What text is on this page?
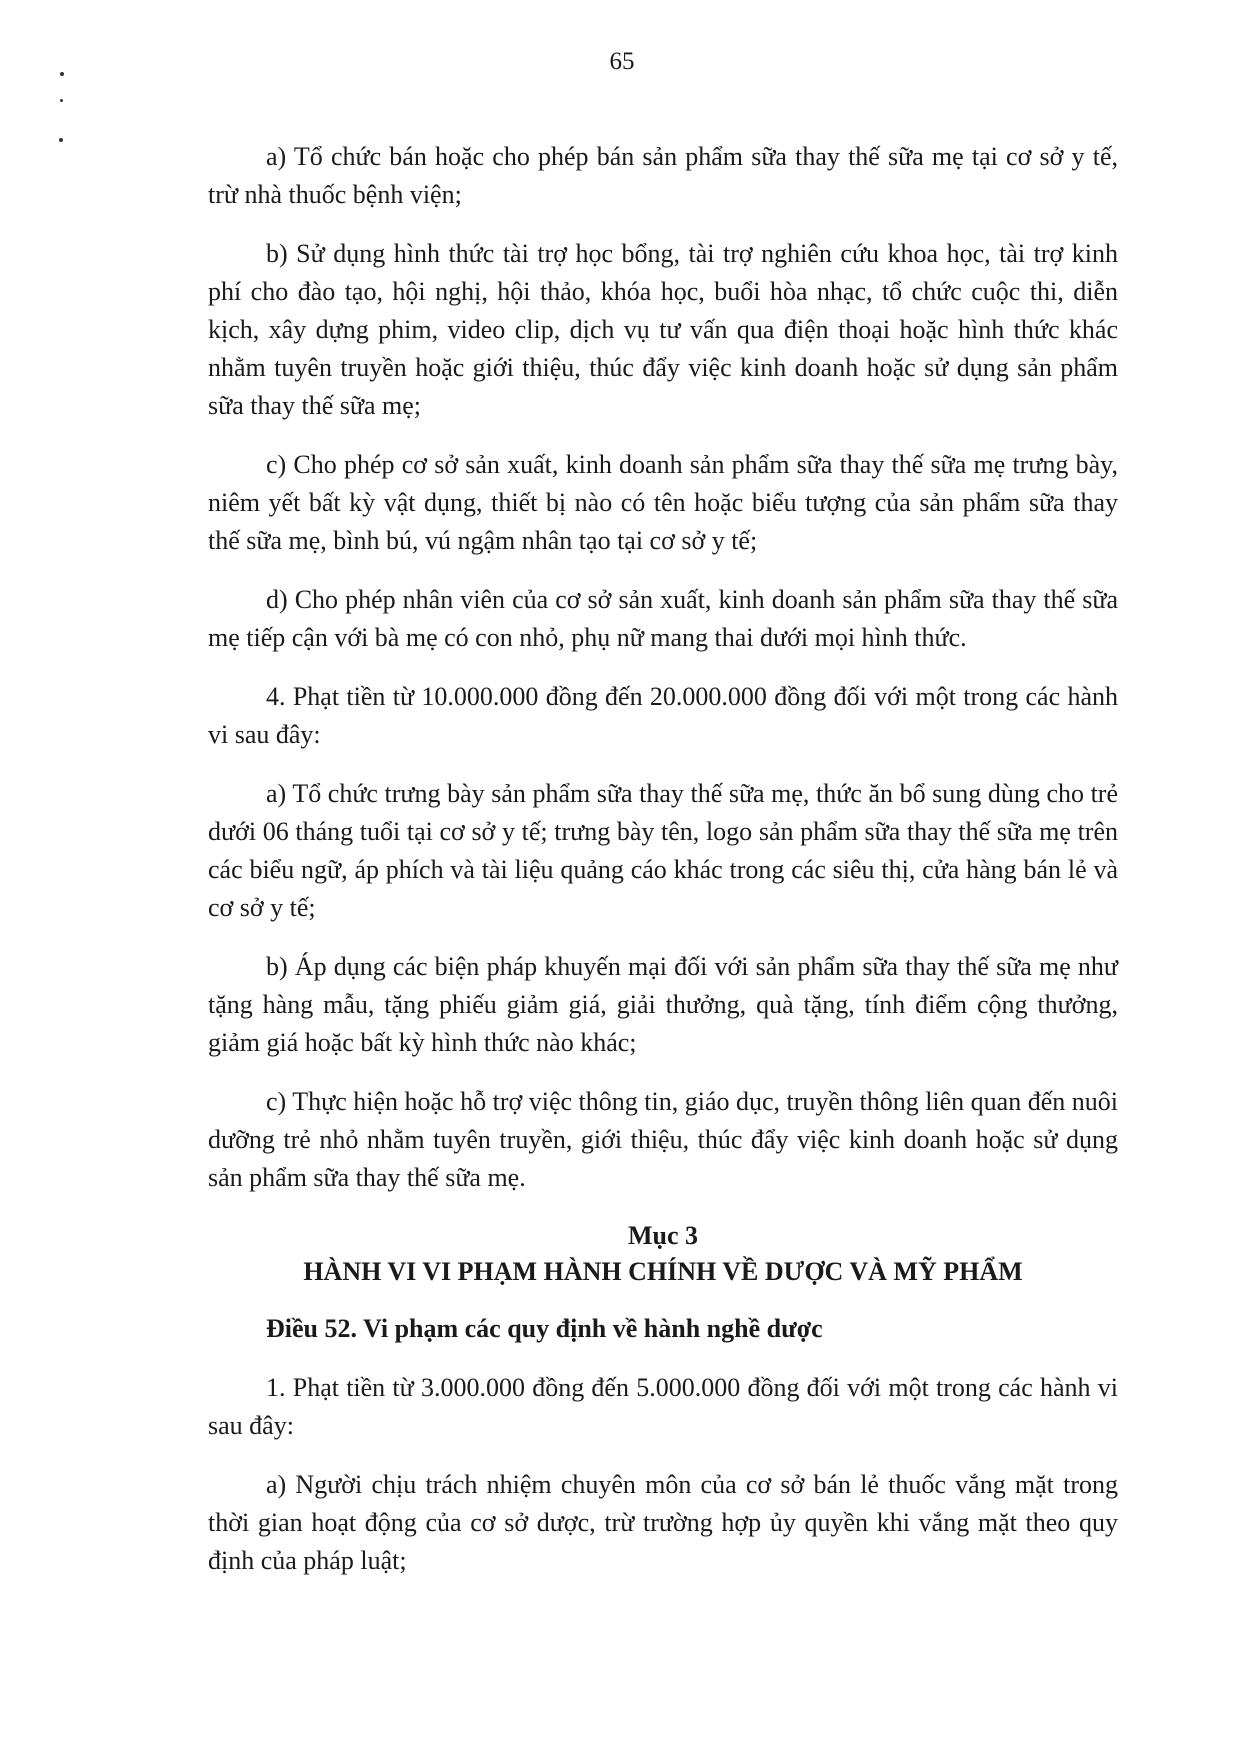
65

a) Tổ chức bán hoặc cho phép bán sản phẩm sữa thay thế sữa mẹ tại cơ sở y tế, trừ nhà thuốc bệnh viện;

b) Sử dụng hình thức tài trợ học bổng, tài trợ nghiên cứu khoa học, tài trợ kinh phí cho đào tạo, hội nghị, hội thảo, khóa học, buổi hòa nhạc, tổ chức cuộc thi, diễn kịch, xây dựng phim, video clip, dịch vụ tư vấn qua điện thoại hoặc hình thức khác nhằm tuyên truyền hoặc giới thiệu, thúc đẩy việc kinh doanh hoặc sử dụng sản phẩm sữa thay thế sữa mẹ;

c) Cho phép cơ sở sản xuất, kinh doanh sản phẩm sữa thay thế sữa mẹ trưng bày, niêm yết bất kỳ vật dụng, thiết bị nào có tên hoặc biểu tượng của sản phẩm sữa thay thế sữa mẹ, bình bú, vú ngậm nhân tạo tại cơ sở y tế;

d) Cho phép nhân viên của cơ sở sản xuất, kinh doanh sản phẩm sữa thay thế sữa mẹ tiếp cận với bà mẹ có con nhỏ, phụ nữ mang thai dưới mọi hình thức.

4. Phạt tiền từ 10.000.000 đồng đến 20.000.000 đồng đối với một trong các hành vi sau đây:

a) Tổ chức trưng bày sản phẩm sữa thay thế sữa mẹ, thức ăn bổ sung dùng cho trẻ dưới 06 tháng tuổi tại cơ sở y tế; trưng bày tên, logo sản phẩm sữa thay thế sữa mẹ trên các biểu ngữ, áp phích và tài liệu quảng cáo khác trong các siêu thị, cửa hàng bán lẻ và cơ sở y tế;

b) Áp dụng các biện pháp khuyến mại đối với sản phẩm sữa thay thế sữa mẹ như tặng hàng mẫu, tặng phiếu giảm giá, giải thưởng, quà tặng, tính điểm cộng thưởng, giảm giá hoặc bất kỳ hình thức nào khác;

c) Thực hiện hoặc hỗ trợ việc thông tin, giáo dục, truyền thông liên quan đến nuôi dưỡng trẻ nhỏ nhằm tuyên truyền, giới thiệu, thúc đẩy việc kinh doanh hoặc sử dụng sản phẩm sữa thay thế sữa mẹ.

Mục 3

HÀNH VI VI PHẠM HÀNH CHÍNH VỀ DƯỢC VÀ MỸ PHẨM

Điều 52. Vi phạm các quy định về hành nghề dược

1. Phạt tiền từ 3.000.000 đồng đến 5.000.000 đồng đối với một trong các hành vi sau đây:

a) Người chịu trách nhiệm chuyên môn của cơ sở bán lẻ thuốc vắng mặt trong thời gian hoạt động của cơ sở dược, trừ trường hợp ủy quyền khi vắng mặt theo quy định của pháp luật;
